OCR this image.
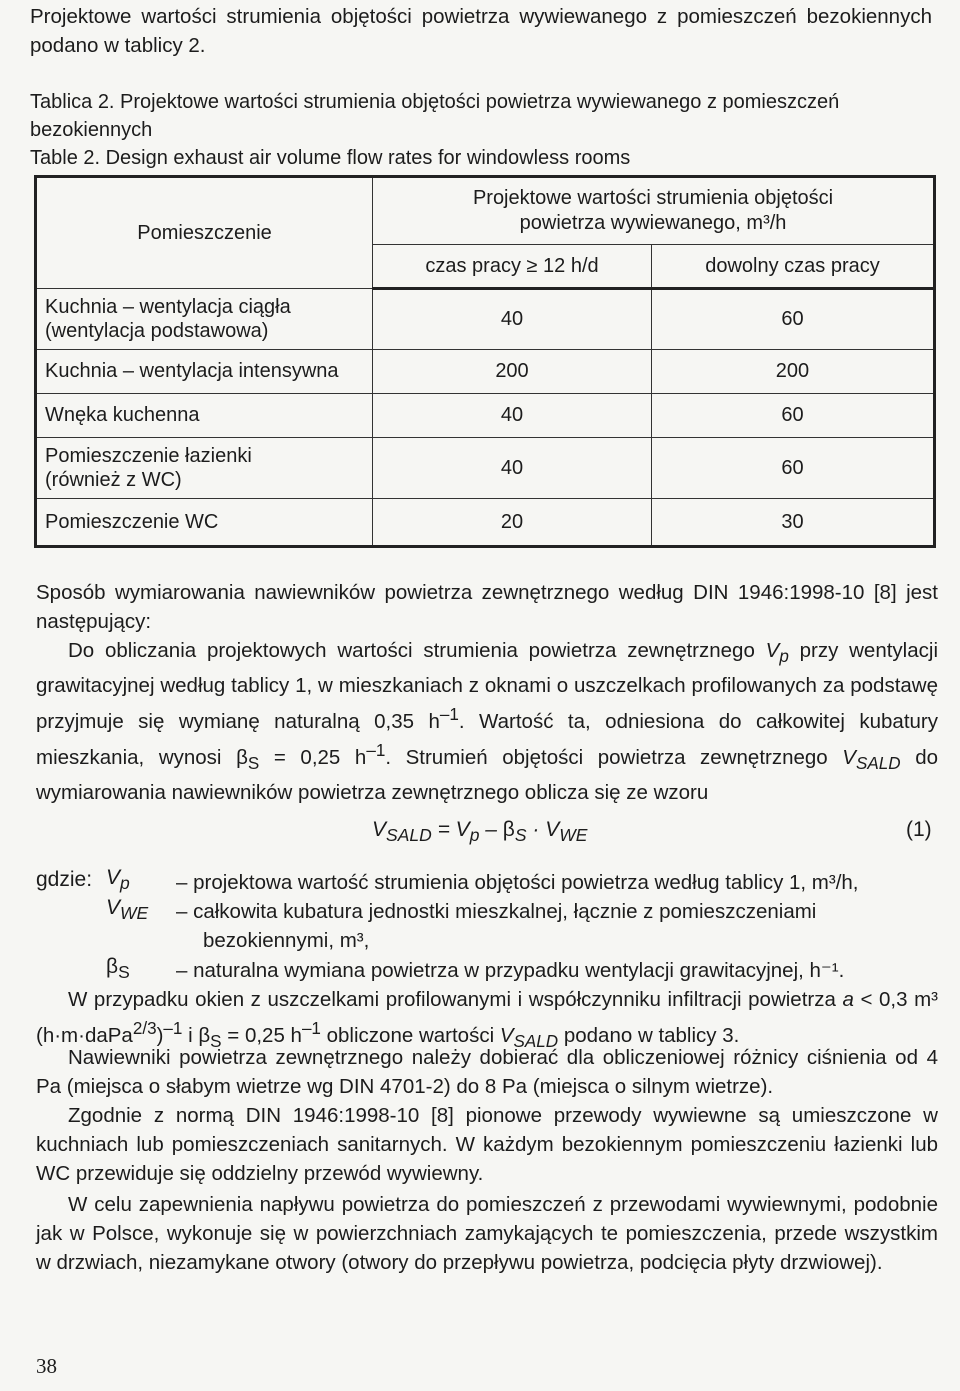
Projektowe wartości strumienia objętości powietrza wywiewanego z pomieszczeń bezokiennych podano w tablicy 2.
Tablica 2. Projektowe wartości strumienia objętości powietrza wywiewanego z pomieszczeń bezokiennych
Table 2. Design exhaust air volume flow rates for windowless rooms
Pomieszczenie	Projektowe wartości strumienia objętości
powietrza wywiewanego, m³/h	

	czas pracy ≥ 12 h/d	dowolny czas pracy

Kuchnia – wentylacja ciągła
(wentylacja podstawowa)	40	60
Kuchnia – wentylacja intensywna	200	200
Wnęka kuchenna	40	60

Pomieszczenie łazienki
(również z WC)	40	60
Pomieszczenie WC	20	30
Sposób wymiarowania nawiewników powietrza zewnętrznego według DIN 1946:1998-10 [8] jest następujący:
Do obliczania projektowych wartości strumienia powietrza zewnętrznego $V_p$ przy wentylacji grawitacyjnej według tablicy 1, w mieszkaniach z oknami o uszczelkach profilowanych za podstawę przyjmuje się wymianę naturalną 0,35 $h^{-1}$. Wartość ta, odniesiona do całkowitej kubatury mieszkania, wynosi $\beta_S = 0,25$ $h^{-1}$. Strumień objętości powietrza zewnętrznego $V_{SALD}$ do wymiarowania nawiewników powietrza zewnętrznego oblicza się ze wzoru
$V_{SALD} = V_p - \beta_S \cdot V_{WE}$	(1)
gdzie: $V_p$ – projektowa wartość strumienia objętości powietrza według tablicy 1, m³/h,
$V_{WE}$ – całkowita kubatura jednostki mieszkalnej, łącznie z pomieszczeniami
bezokiennymi, m³,
$\beta_S$ – naturalna wymiana powietrza w przypadku wentylacji grawitacyjnej, h⁻¹.
W przypadku okien z uszczelkami profilowanymi i współczynniku infiltracji powietrza a < 0,3 m³ (h·m·daPa$^{2/3}$)$^{-1}$ i $\beta_S = 0,25$ $h^{-1}$ obliczone wartości $V_{SALD}$ podano w tablicy 3.
Nawiewniki powietrza zewnętrznego należy dobierać dla obliczeniowej różnicy ciśnienia od 4 Pa (miejsca o słabym wietrze wg DIN 4701-2) do 8 Pa (miejsca o silnym wietrze).
Zgodnie z normą DIN 1946:1998-10 [8] pionowe przewody wywiewne są umieszczone w kuchniach lub pomieszczeniach sanitarnych. W każdym bezokiennym pomieszczeniu łazienki lub WC przewiduje się oddzielny przewód wywiewny.
W celu zapewnienia napływu powietrza do pomieszczeń z przewodami wywiewnymi, podobnie jak w Polsce, wykonuje się w powierzchniach zamykających te pomieszczenia, przede wszystkim w drzwiach, niezamykane otwory (otwory do przepływu powietrza, podcięcia płyty drzwiowej).
38
